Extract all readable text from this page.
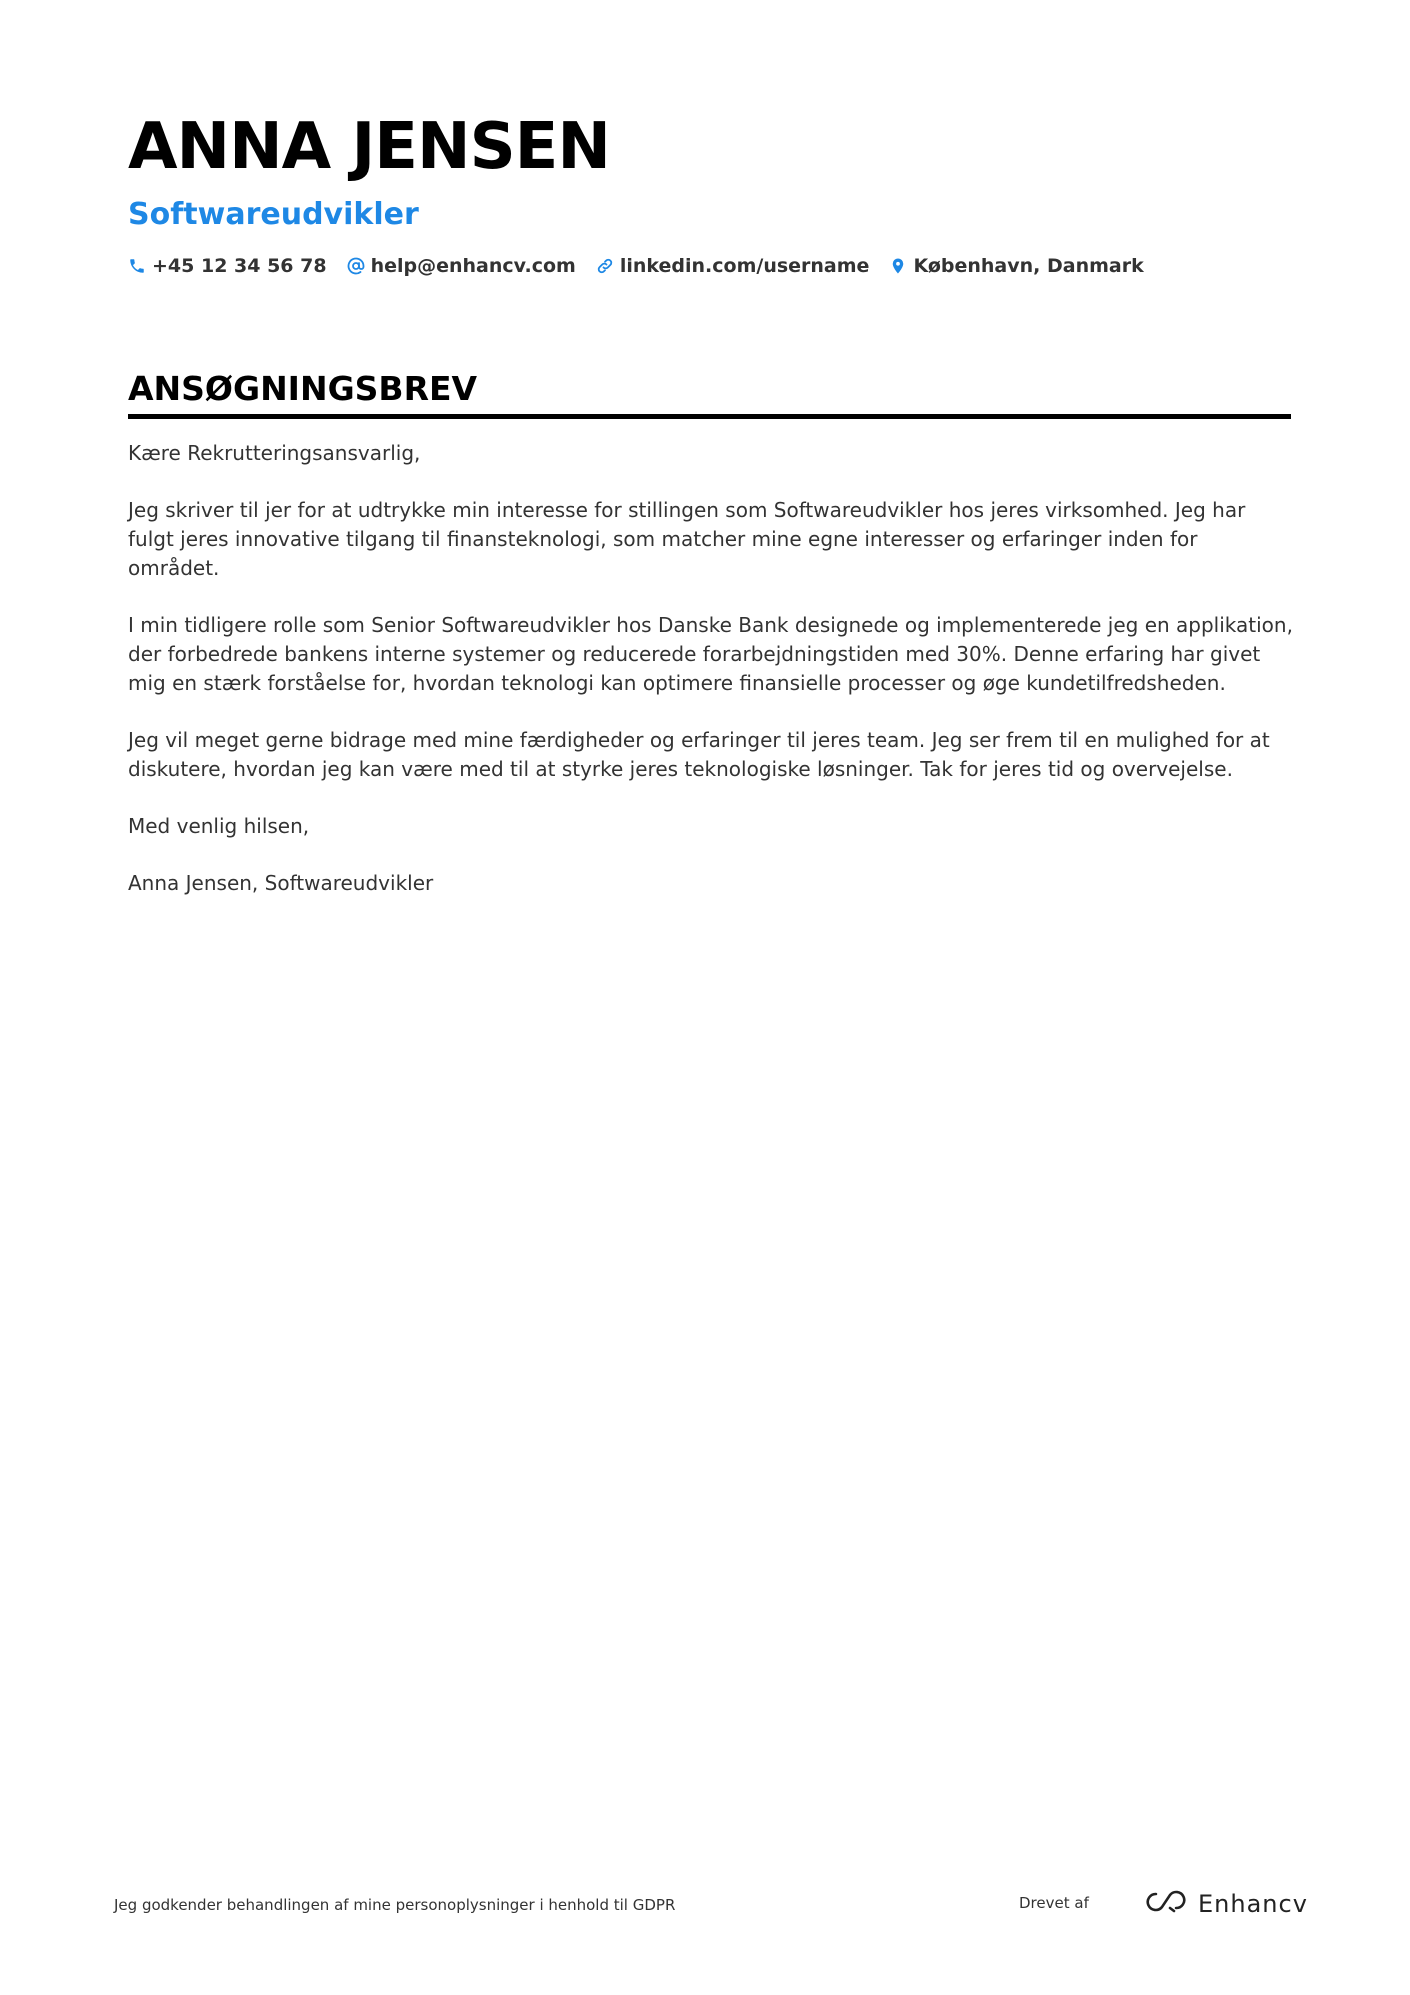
ANNA JENSEN
Softwareudvikler
+45 12 34 56 78 help@enhancv.com linkedin.com/username København, Danmark
ANSØGNINGSBREV

Kære Rekrutteringsansvarlig,

Jeg skriver til jer for at udtrykke min interesse for stillingen som Softwareudvikler hos jeres virksomhed. Jeg har fulgt jeres innovative tilgang til finansteknologi, som matcher mine egne interesser og erfaringer inden for området.

I min tidligere rolle som Senior Softwareudvikler hos Danske Bank designede og implementerede jeg en applikation, der forbedrede bankens interne systemer og reducerede forarbejdningstiden med 30%. Denne erfaring har givet mig en stærk forståelse for, hvordan teknologi kan optimere finansielle processer og øge kundetilfredsheden.

Jeg vil meget gerne bidrage med mine færdigheder og erfaringer til jeres team. Jeg ser frem til en mulighed for at diskutere, hvordan jeg kan være med til at styrke jeres teknologiske løsninger. Tak for jeres tid og overvejelse.

Med venlig hilsen,

Anna Jensen, Softwareudvikler

Jeg godkender behandlingen af mine personoplysninger i henhold til GDPR	Drevet af	Enhancv
